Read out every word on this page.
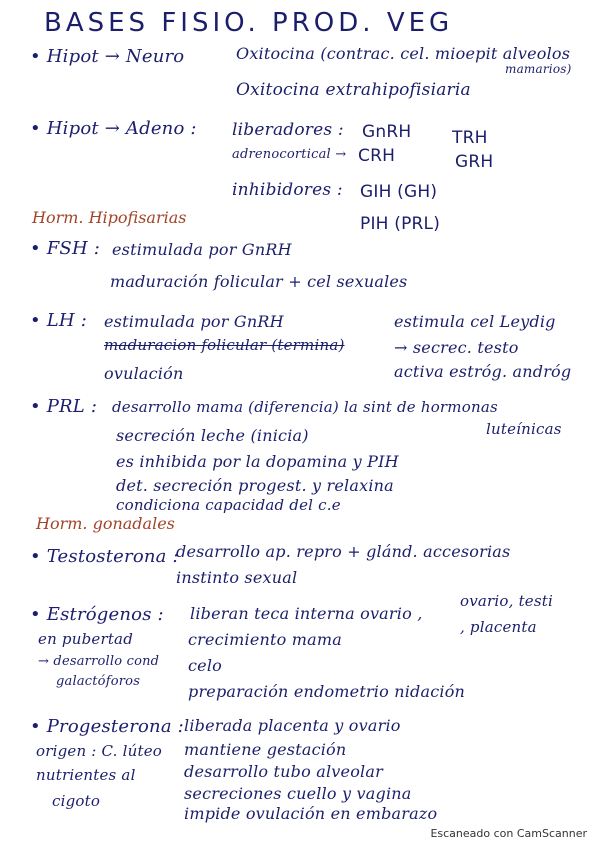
BASES FISIO. PROD. VEG
• Hipot → Neuro	Oxitocina (contrac. cel. mioepit alveolos
mamarios)
Oxitocina extrahipofisiaria
• Hipot → Adeno : liberadores : GnRH TRH
adrenocortical → CRH	GRH
inhibidores : GIH (GH)
PIH (PRL)
Horm. Hipofisarias
• FSH : estimulada por GnRH
maduración folicular + cel sexuales
• LH : estimulada por GnRH
maduracion folicular (termina)
ovulación
estimula cel Leydig
→ secrec. testo
activa estróg. andróg
• PRL : desarrollo mama (diferencia) la sint de hormonas
luteínicas
secreción leche (inicia)
es inhibida por la dopamina y PIH
det. secreción progest. y relaxina
condiciona capacidad del c.e
Horm. gonadales
• Testosterona :
desarrollo ap. repro + glánd. accesorias
instinto sexual
• Estrógenos : liberan teca interna ovario ,
ovario, testi
, placenta
en pubertad
→ desarrollo cond
galactóforos
crecimiento mama
celo
preparación endometrio nidación
• Progesterona : liberada placenta y ovario
origen : C. lúteo
nutrientes al
cigoto
mantiene gestación
desarrollo tubo alveolar
secreciones cuello y vagina
impide ovulación en embarazo
Escaneado con CamScanner
